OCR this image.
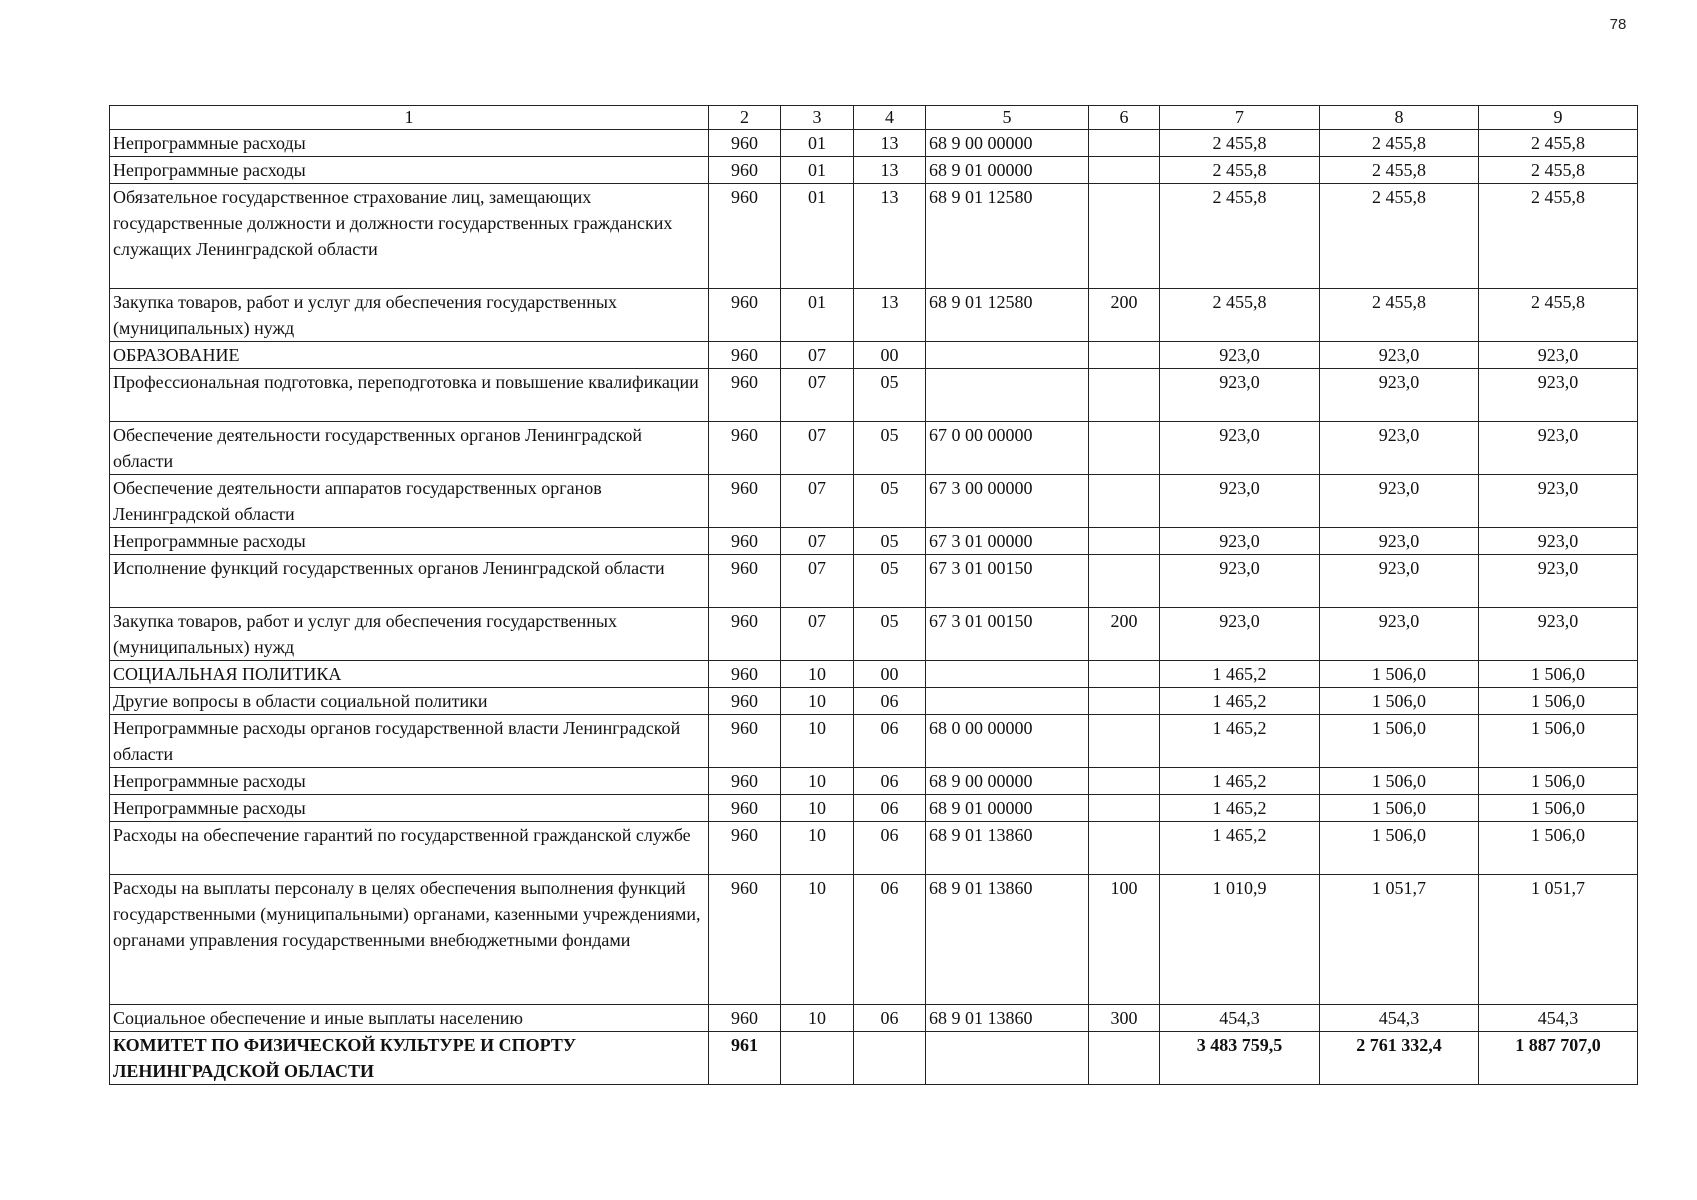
78
1	2	3	4	5	6	7	8	9
Непрограммные расходы	960	01	13	68 9 00 00000		2 455,8	2 455,8	2 455,8
Непрограммные расходы	960	01	13	68 9 01 00000		2 455,8	2 455,8	2 455,8
Обязательное государственное страхование лиц, замещающих государственные должности и должности государственных гражданских служащих Ленинградской области	960	01	13	68 9 01 12580		2 455,8	2 455,8	2 455,8
Закупка товаров, работ и услуг для обеспечения государственных (муниципальных) нужд	960	01	13	68 9 01 12580	200	2 455,8	2 455,8	2 455,8
ОБРАЗОВАНИЕ	960	07	00			923,0	923,0	923,0
Профессиональная подготовка, переподготовка и повышение квалификации	960	07	05			923,0	923,0	923,0
Обеспечение деятельности государственных органов Ленинградской области	960	07	05	67 0 00 00000		923,0	923,0	923,0
Обеспечение деятельности аппаратов государственных органов Ленинградской области	960	07	05	67 3 00 00000		923,0	923,0	923,0
Непрограммные расходы	960	07	05	67 3 01 00000		923,0	923,0	923,0
Исполнение функций государственных органов Ленинградской области	960	07	05	67 3 01 00150		923,0	923,0	923,0
Закупка товаров, работ и услуг для обеспечения государственных (муниципальных) нужд	960	07	05	67 3 01 00150	200	923,0	923,0	923,0
СОЦИАЛЬНАЯ ПОЛИТИКА	960	10	00			1 465,2	1 506,0	1 506,0
Другие вопросы в области социальной политики	960	10	06			1 465,2	1 506,0	1 506,0
Непрограммные расходы органов государственной власти Ленинградской области	960	10	06	68 0 00 00000		1 465,2	1 506,0	1 506,0
Непрограммные расходы	960	10	06	68 9 00 00000		1 465,2	1 506,0	1 506,0
Непрограммные расходы	960	10	06	68 9 01 00000		1 465,2	1 506,0	1 506,0
Расходы на обеспечение гарантий по государственной гражданской службе	960	10	06	68 9 01 13860		1 465,2	1 506,0	1 506,0
Расходы на выплаты персоналу в целях обеспечения выполнения функций государственными (муниципальными) органами, казенными учреждениями, органами управления государственными внебюджетными фондами	960	10	06	68 9 01 13860	100	1 010,9	1 051,7	1 051,7
Социальное обеспечение и иные выплаты населению	960	10	06	68 9 01 13860	300	454,3	454,3	454,3
КОМИТЕТ ПО ФИЗИЧЕСКОЙ КУЛЬТУРЕ И СПОРТУ ЛЕНИНГРАДСКОЙ ОБЛАСТИ	961					3 483 759,5	2 761 332,4	1 887 707,0
